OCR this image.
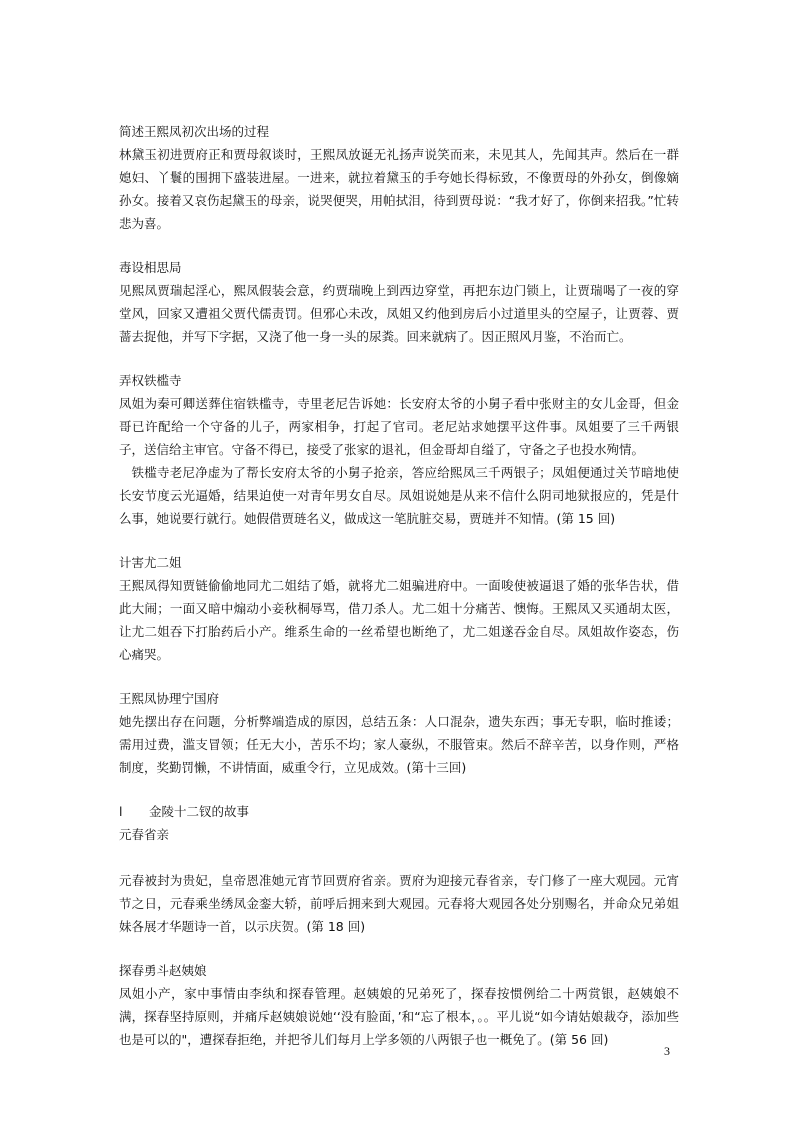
简述王熙凤初次出场的过程

林黛玉初进贾府正和贾母叙谈时，王熙凤放诞无礼扬声说笑而来，未见其人，先闻其声。然后在一群媳妇、丫鬟的围拥下盛装进屋。一进来，就拉着黛玉的手夸她长得标致，不像贾母的外孙女，倒像嫡孙女。接着又哀伤起黛玉的母亲，说哭便哭，用帕拭泪，待到贾母说：“我才好了，你倒来招我。”忙转悲为喜。

毒设相思局

见熙凤贾瑞起淫心，熙凤假装会意，约贾瑞晚上到西边穿堂，再把东边门锁上，让贾瑞喝了一夜的穿堂风，回家又遭祖父贾代儒责罚。但邪心未改，凤姐又约他到房后小过道里头的空屋子，让贾蓉、贾蔷去捉他，并写下字据，又浇了他一身一头的尿粪。回来就病了。因正照风月鉴，不治而亡。

弄权铁槛寺

凤姐为秦可卿送葬住宿铁槛寺，寺里老尼告诉她：长安府太爷的小舅子看中张财主的女儿金哥，但金哥已许配给一个守备的儿子，两家相争，打起了官司。老尼站求她摆平这件事。凤姐要了三千两银子，送信给主审官。守备不得已，接受了张家的退礼，但金哥却自缢了，守备之子也投水殉情。

铁槛寺老尼净虚为了帮长安府太爷的小舅子抢亲，答应给熙凤三千两银子；凤姐便通过关节暗地使长安节度云光逼婚，结果迫使一对青年男女自尽。凤姐说她是从来不信什么阴司地狱报应的，凭是什么事，她说要行就行。她假借贾琏名义，做成这一笔肮脏交易，贾琏并不知情。(第 15 回)

计害尤二姐

王熙凤得知贾链偷偷地同尤二姐结了婚，就将尤二姐骗进府中。一面唆使被逼退了婚的张华告状，借此大闹；一面又暗中煽动小妾秋桐辱骂，借刀杀人。尤二姐十分痛苦、懊悔。王熙凤又买通胡太医，让尤二姐吞下打胎药后小产。维系生命的一丝希望也断绝了，尤二姐遂吞金自尽。凤姐故作姿态，伤心痛哭。

王熙凤协理宁国府

她先摆出存在问题，分析弊端造成的原因，总结五条：人口混杂，遗失东西；事无专职，临时推诿；需用过费，滥支冒领；任无大小，苦乐不均；家人豪纵，不服管束。然后不辞辛苦，以身作则，严格制度，奖勤罚懒，不讲情面，威重令行，立见成效。(第十三回)

l	金陵十二钗的故事

元春省亲

元春被封为贵妃，皇帝恩准她元宵节回贾府省亲。贾府为迎接元春省亲，专门修了一座大观园。元宵节之日，元春乘坐绣凤金銮大轿，前呼后拥来到大观园。元春将大观园各处分别赐名，并命众兄弟姐妹各展才华题诗一首，以示庆贺。(第 18 回)

探春勇斗赵姨娘

凤姐小产，家中事情由李纨和探春管理。赵姨娘的兄弟死了，探春按惯例给二十两赏银，赵姨娘不满，探春坚持原则，并痛斥赵姨娘说她‘‘没有脸面，’和“忘了根本，。。平儿说“如今请姑娘裁夺，添加些也是可以的"，遭探春拒绝，并把爷儿们每月上学多领的八两银子也一概免了。(第 56 回)

3
